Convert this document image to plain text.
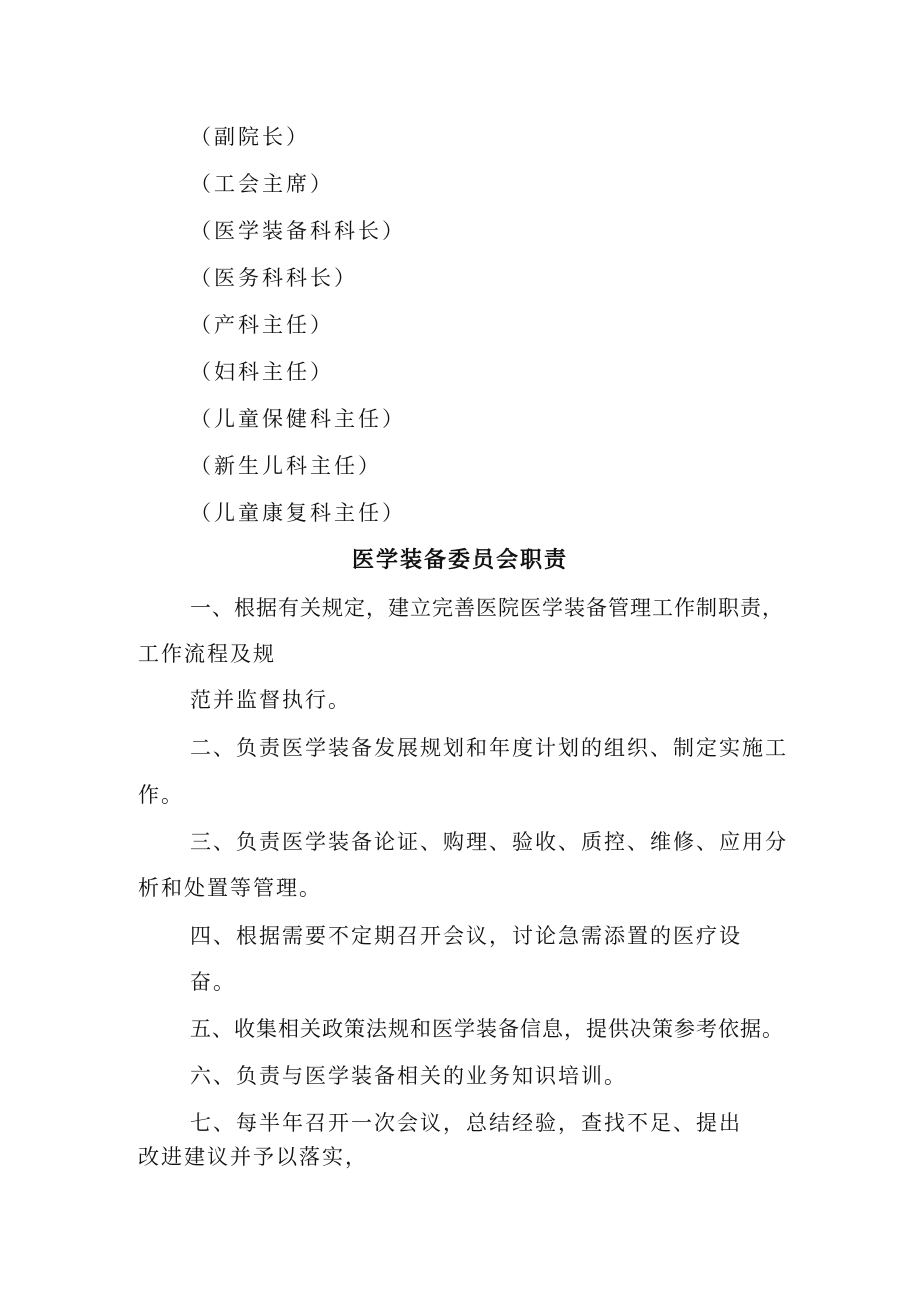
（副院长）
（工会主席）
（医学装备科科长）
（医务科科长）
（产科主任）
（妇科主任）
（儿童保健科主任）
（新生儿科主任）
（儿童康复科主任）
医学装备委员会职责
一、根据有关规定，建立完善医院医学装备管理工作制职责，
工作流程及规
范并监督执行。
二、负责医学装备发展规划和年度计划的组织、制定实施工
作。
三、负责医学装备论证、购理、验收、质控、维修、应用分
析和处置等管理。
四、根据需要不定期召开会议，讨论急需添置的医疗设
奋。
五、收集相关政策法规和医学装备信息，提供决策参考依据。
六、负责与医学装备相关的业务知识培训。
七、每半年召开一次会议，总结经验，查找不足、提出
改进建议并予以落实，
